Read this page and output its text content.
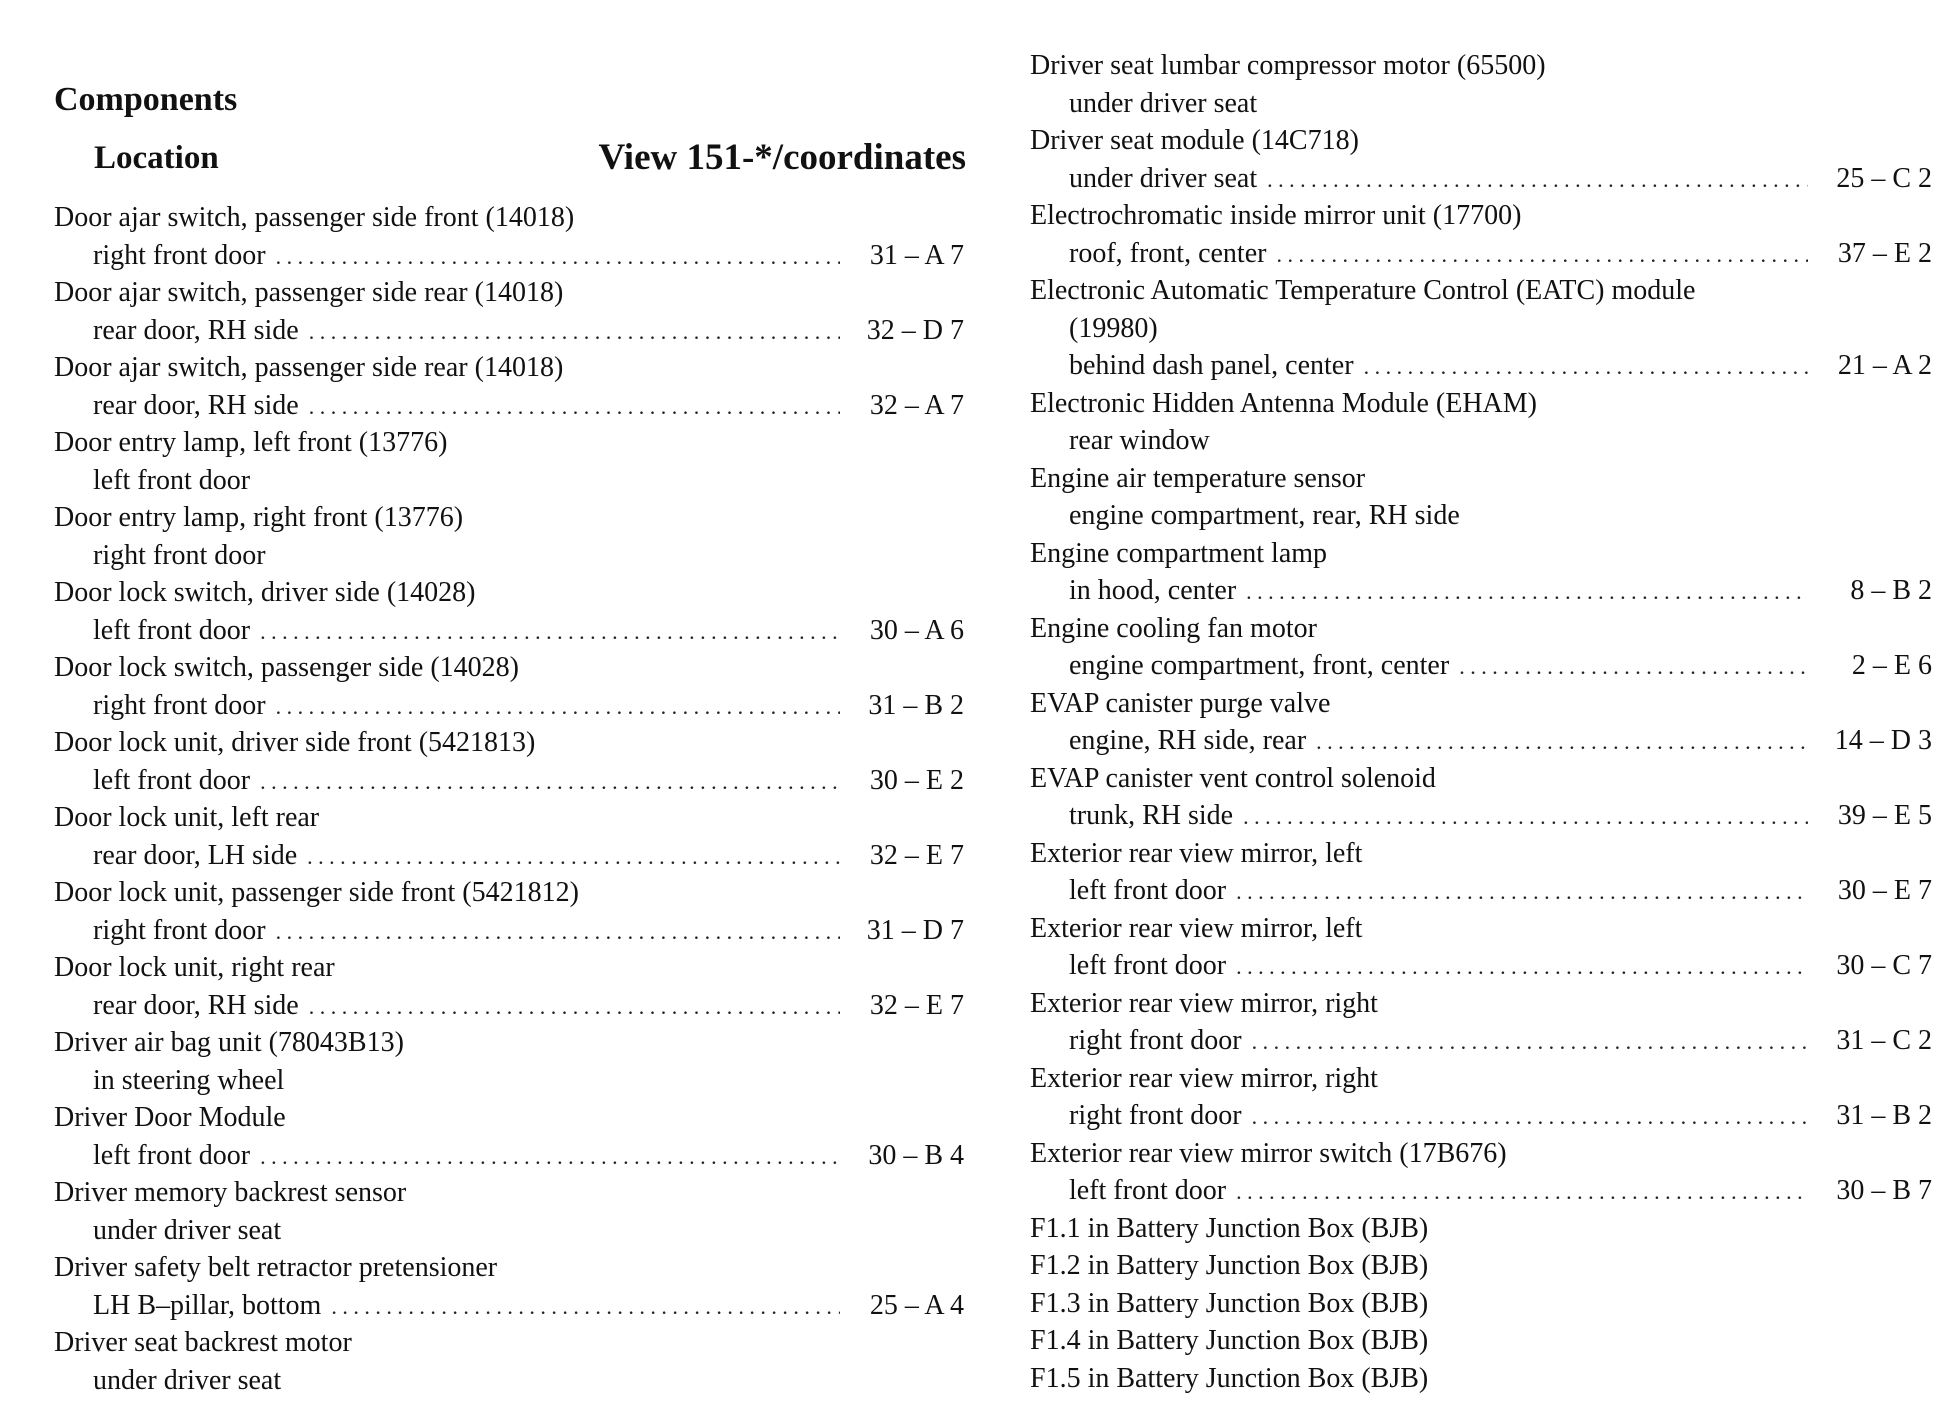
Components
Location	View 151-*/coordinates
Door ajar switch, passenger side front (14018)
right front door . . .	31 – A 7
Door ajar switch, passenger side rear (14018)
rear door, RH side . . .	32 – D 7
Door ajar switch, passenger side rear (14018)
rear door, RH side . . .	32 – A 7
Door entry lamp, left front (13776)
left front door
Door entry lamp, right front (13776)
right front door
Door lock switch, driver side (14028)
left front door . . .	30 – A 6
Door lock switch, passenger side (14028)
right front door . . .	31 – B 2
Door lock unit, driver side front (5421813)
left front door . . .	30 – E 2
Door lock unit, left rear
rear door, LH side . . .	32 – E 7
Door lock unit, passenger side front (5421812)
right front door . . .	31 – D 7
Door lock unit, right rear
rear door, RH side . . .	32 – E 7
Driver air bag unit (78043B13)
in steering wheel
Driver Door Module
left front door . . .	30 – B 4
Driver memory backrest sensor
under driver seat
Driver safety belt retractor pretensioner
LH B–pillar, bottom . . .	25 – A 4
Driver seat backrest motor
under driver seat
Driver seat lumbar compressor motor (65500)
under driver seat
Driver seat module (14C718)
under driver seat . . .	25 – C 2
Electrochromatic inside mirror unit (17700)
roof, front, center . . .	37 – E 2
Electronic Automatic Temperature Control (EATC) module
(19980)
behind dash panel, center . . .	21 – A 2
Electronic Hidden Antenna Module (EHAM)
rear window
Engine air temperature sensor
engine compartment, rear, RH side
Engine compartment lamp
in hood, center . . .	8 – B 2
Engine cooling fan motor
engine compartment, front, center . . .	2 – E 6
EVAP canister purge valve
engine, RH side, rear . . .	14 – D 3
EVAP canister vent control solenoid
trunk, RH side . . .	39 – E 5
Exterior rear view mirror, left
left front door . . .	30 – E 7
Exterior rear view mirror, left
left front door . . .	30 – C 7
Exterior rear view mirror, right
right front door . . .	31 – C 2
Exterior rear view mirror, right
right front door . . .	31 – B 2
Exterior rear view mirror switch (17B676)
left front door . . .	30 – B 7
F1.1 in Battery Junction Box (BJB)
F1.2 in Battery Junction Box (BJB)
F1.3 in Battery Junction Box (BJB)
F1.4 in Battery Junction Box (BJB)
F1.5 in Battery Junction Box (BJB)
